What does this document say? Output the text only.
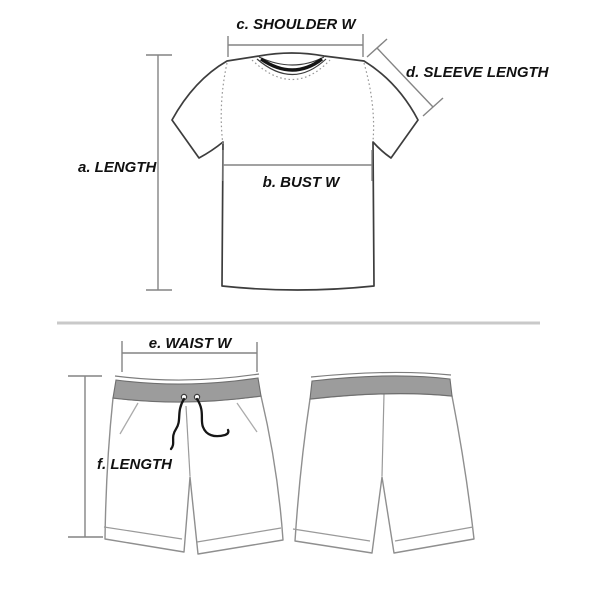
a. LENGTH
b. BUST W
c. SHOULDER W
d. SLEEVE LENGTH
e. WAIST W
f. LENGTH
